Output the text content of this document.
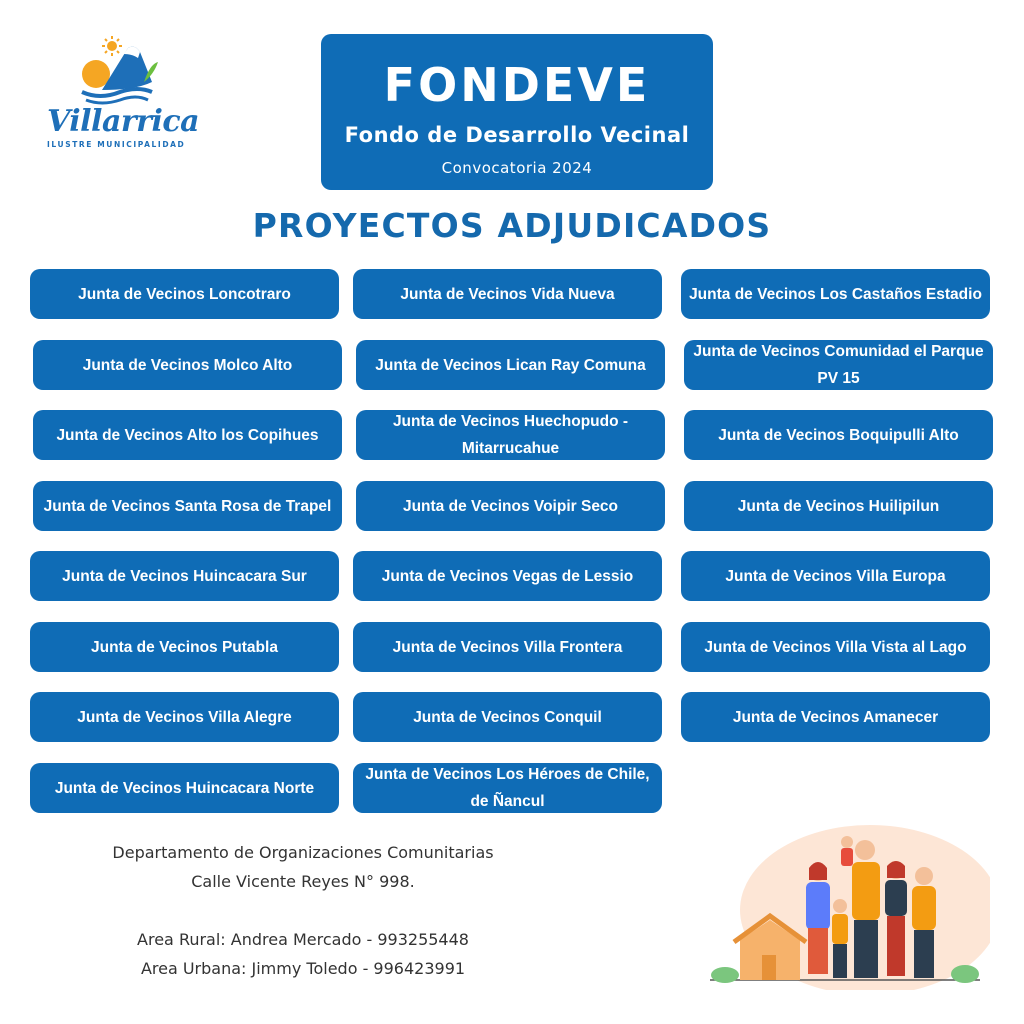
Villarrica
ILUSTRE MUNICIPALIDAD
FONDEVE
Fondo de Desarrollo Vecinal
Convocatoria 2024
PROYECTOS ADJUDICADOS
Junta de Vecinos Loncotraro	Junta de Vecinos Vida Nueva	Junta de Vecinos Los Castaños Estadio
Junta de Vecinos Molco Alto	Junta de Vecinos Lican Ray Comuna
Junta de Vecinos Comunidad el Parque PV 15
Junta de Vecinos Alto los Copihues
Junta de Vecinos Huechopudo - Mitarrucahue
Junta de Vecinos Boquipulli Alto
Junta de Vecinos Santa Rosa de Trapel	Junta de Vecinos Voipir Seco	Junta de Vecinos Huilipilun
Junta de Vecinos Huincacara Sur	Junta de Vecinos Vegas de Lessio	Junta de Vecinos Villa Europa
Junta de Vecinos Putabla	Junta de Vecinos Villa Frontera	Junta de Vecinos Villa Vista al Lago
Junta de Vecinos Villa Alegre	Junta de Vecinos Conquil	Junta de Vecinos Amanecer
Junta de Vecinos Huincacara Norte
Junta de Vecinos Los Héroes de Chile, de Ñancul
Departamento de Organizaciones Comunitarias
Calle Vicente Reyes N° 998.
Area Rural: Andrea Mercado - 993255448
Area Urbana: Jimmy Toledo - 996423991
